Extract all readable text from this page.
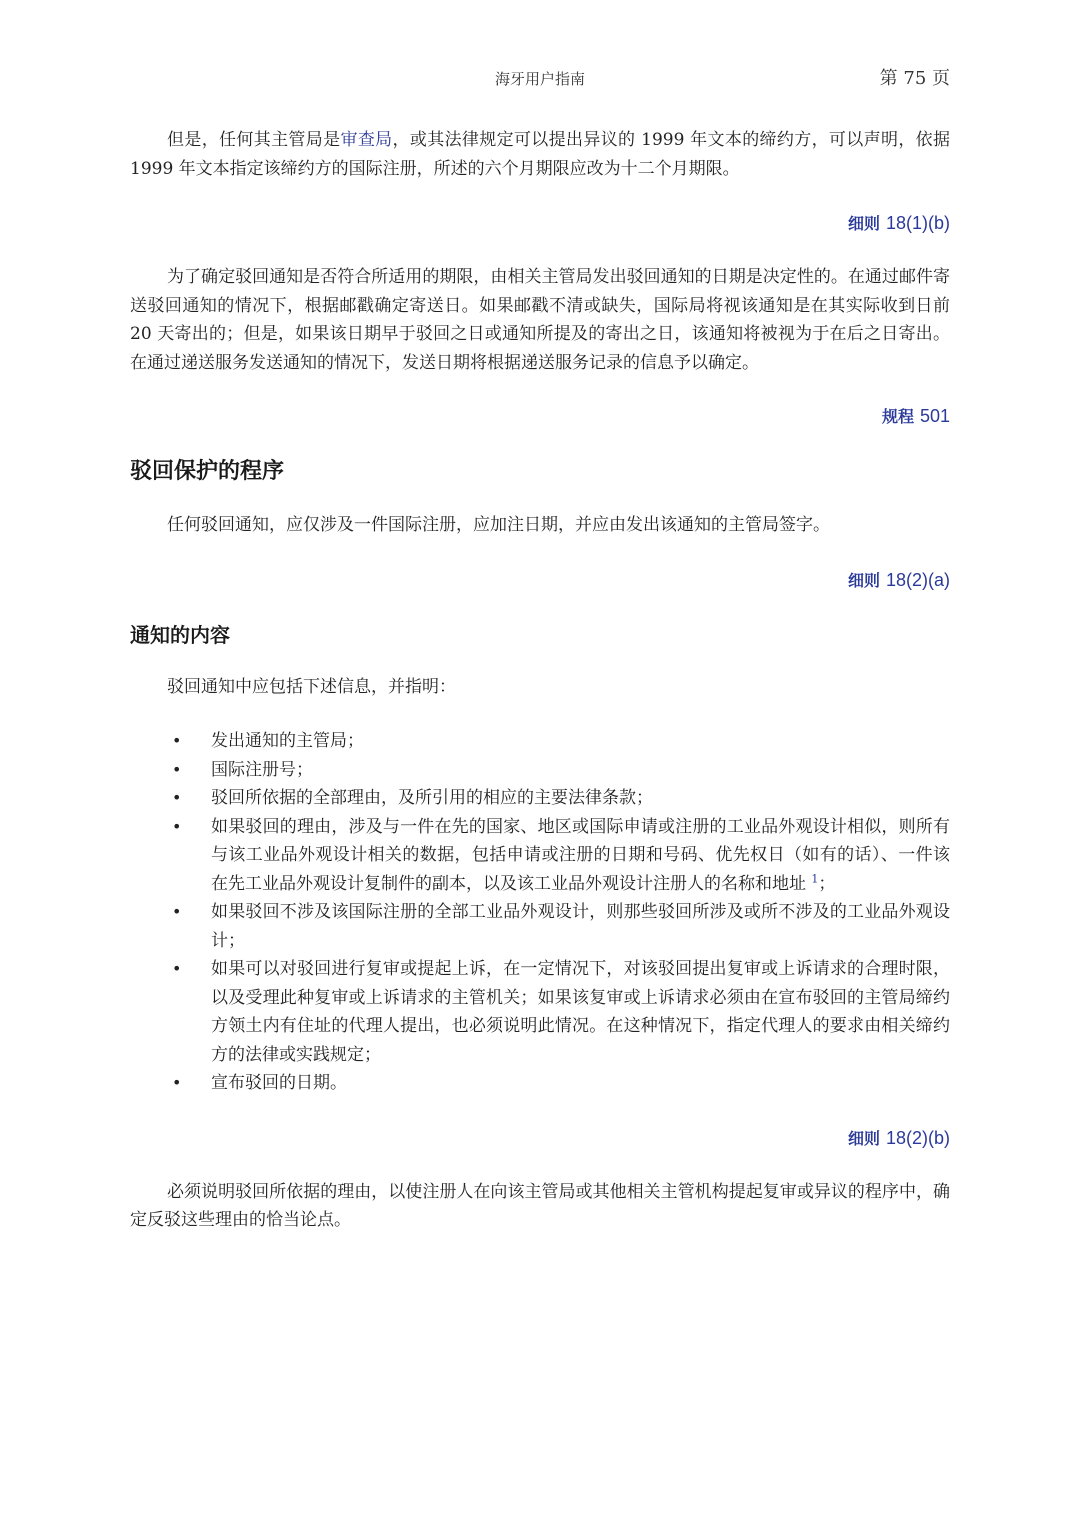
海牙用户指南	第 75 页

但是，任何其主管局是审查局，或其法律规定可以提出异议的 1999 年文本的缔约方，可以声明，依据 1999 年文本指定该缔约方的国际注册，所述的六个月期限应改为十二个月期限。

细则 18(1)(b)

为了确定驳回通知是否符合所适用的期限，由相关主管局发出驳回通知的日期是决定性的。在通过邮件寄送驳回通知的情况下，根据邮戳确定寄送日。如果邮戳不清或缺失，国际局将视该通知是在其实际收到日前 20 天寄出的；但是，如果该日期早于驳回之日或通知所提及的寄出之日，该通知将被视为于在后之日寄出。在通过递送服务发送通知的情况下，发送日期将根据递送服务记录的信息予以确定。

规程 501
驳回保护的程序

任何驳回通知，应仅涉及一件国际注册，应加注日期，并应由发出该通知的主管局签字。

细则 18(2)(a)
通知的内容

驳回通知中应包括下述信息，并指明：

• 发出通知的主管局；
• 国际注册号；
• 驳回所依据的全部理由，及所引用的相应的主要法律条款；
• 如果驳回的理由，涉及与一件在先的国家、地区或国际申请或注册的工业品外观设计相似，则所有与该工业品外观设计相关的数据，包括申请或注册的日期和号码、优先权日（如有的话）、一件该在先工业品外观设计复制件的副本，以及该工业品外观设计注册人的名称和地址 $^1$；
• 如果驳回不涉及该国际注册的全部工业品外观设计，则那些驳回所涉及或所不涉及的工业品外观设计；
• 如果可以对驳回进行复审或提起上诉，在一定情况下，对该驳回提出复审或上诉请求的合理时限，以及受理此种复审或上诉请求的主管机关；如果该复审或上诉请求必须由在宣布驳回的主管局缔约方领土内有住址的代理人提出，也必须说明此情况。在这种情况下，指定代理人的要求由相关缔约方的法律或实践规定；
• 宣布驳回的日期。
细则 18(2)(b)

必须说明驳回所依据的理由，以使注册人在向该主管局或其他相关主管机构提起复审或异议的程序中，确定反驳这些理由的恰当论点。
